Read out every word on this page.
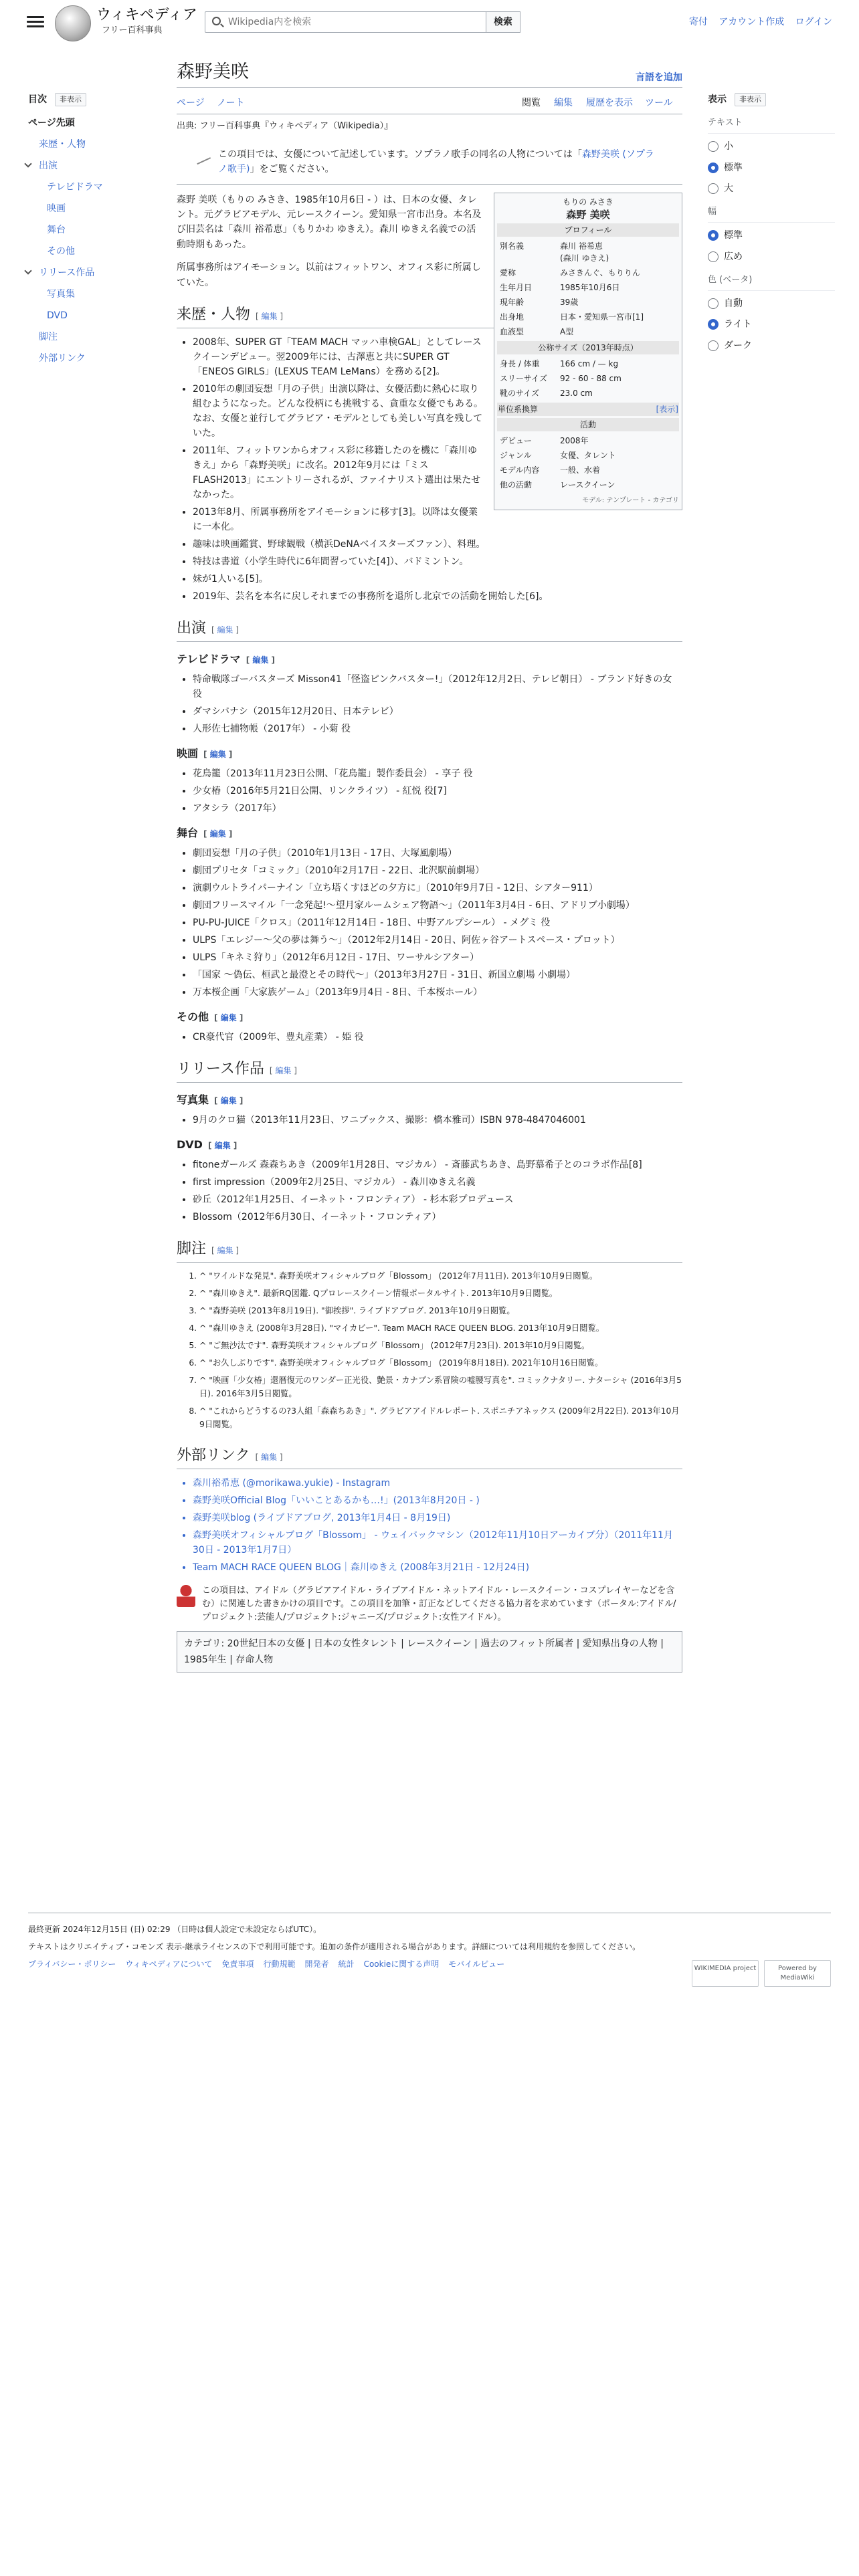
ウィキペディア
フリー百科事典
Wikipedia内を検索
検索	寄付 アカウント作成 ログイン
目次	非表示
ページ先頭
来歴・人物
出演
テレビドラマ
映画
舞台
その他
リリース作品
写真集
DVD
脚注
外部リンク
表示	非表示
テキスト
小
標準
大
幅
標準
広め
色 (ベータ)
自動
ライト
ダーク
森野美咲	言語を追加
ページ ノート	閲覧 編集 履歴を表示 ツール
出典: フリー百科事典『ウィキペディア（Wikipedia）』
この項目では、女優について記述しています。ソプラノ歌手の同名の人物については「森野美咲 (ソプラノ歌手)」をご覧ください。
もりの みさき
森野 美咲
プロフィール
別名義	森川 裕希恵
(森川 ゆきえ)
愛称	みさきんぐ、もりりん
生年月日	1985年10月6日
現年齢	39歳
出身地	日本・愛知県一宮市[1]
血液型	A型
公称サイズ（2013年時点）
身長 / 体重	166 cm / — kg
スリーサイズ	92 - 60 - 88 cm
靴のサイズ	23.0 cm
単位系換算	[表示]
活動
デビュー	2008年
ジャンル	女優、タレント
モデル内容	一般、水着
他の活動	レースクイーン
モデル: テンプレート - カテゴリ

森野 美咲（もりの みさき、1985年10月6日 - ）は、日本の女優、タレント。元グラビアモデル、元レースクイーン。愛知県一宮市出身。本名及び旧芸名は「森川 裕希恵」（もりかわ ゆきえ）。森川 ゆきえ名義での活動時期もあった。

所属事務所はアイモーション。以前はフィットワン、オフィス彩に所属していた。

来歴・人物 [ 編集 ]
• 2008年、SUPER GT「TEAM MACH マッハ車検GAL」としてレースクイーンデビュー。翌2009年には、古澤恵と共にSUPER GT「ENEOS GIRLS」(LEXUS TEAM LeMans）を務める[2]。
• 2010年の劇団妄想「月の子供」出演以降は、女優活動に熱心に取り組むようになった。どんな役柄にも挑戦する、貪重な女優でもある。なお、女優と並行してグラビア・モデルとしても美しい写真を残していた。
• 2011年、フィットワンからオフィス彩に移籍したのを機に「森川ゆきえ」から「森野美咲」に改名。2012年9月には「ミスFLASH2013」にエントリーされるが、ファイナリスト選出は果たせなかった。
• 2013年8月、所属事務所をアイモーションに移す[3]。以降は女優業に一本化。
• 趣味は映画鑑賞、野球観戦（横浜DeNAベイスターズファン）、料理。
• 特技は書道（小学生時代に6年間習っていた[4]）、バドミントン。
• 妹が1人いる[5]。
• 2019年、芸名を本名に戻しそれまでの事務所を退所し北京での活動を開始した[6]。
出演 [ 編集 ]
テレビドラマ [ 編集 ]
• 特命戦隊ゴーバスターズ Misson41「怪盗ピンクバスター!」（2012年12月2日、テレビ朝日） - ブランド好きの女 役
• ダマシバナシ（2015年12月20日、日本テレビ）
• 人形佐七捕物帳（2017年） - 小菊 役
映画 [ 編集 ]
• 花鳥籠（2013年11月23日公開、「花鳥籠」製作委員会） - 享子 役
• 少女椿（2016年5月21日公開、リンクライツ） - 紅悦 役[7]
• アタシラ（2017年）
舞台 [ 編集 ]
• 劇団妄想「月の子供」（2010年1月13日 - 17日、大塚風劇場）
• 劇団プリセタ「コミック」（2010年2月17日 - 22日、北沢駅前劇場）
• 演劇ウルトライパーナイン「立ち塔くすほどの夕方に」（2010年9月7日 - 12日、シアター911）
• 劇団フリースマイル「一念発起!〜望月家ルームシェア物語〜」（2011年3月4日 - 6日、アドリブ小劇場）
• PU-PU-JUICE「クロス」（2011年12月14日 - 18日、中野アルプシール） - メグミ 役
• ULPS「エレジー〜父の夢は舞う〜」（2012年2月14日 - 20日、阿佐ヶ谷アートスペース・プロット）
• ULPS「キネミ狩り」（2012年6月12日 - 17日、ワーサルシアター）
• 「国家 〜偽伝、桓武と最澄とその時代〜」（2013年3月27日 - 31日、新国立劇場 小劇場）
• 万本桜企画「大家族ゲーム」（2013年9月4日 - 8日、千本桜ホール）
その他 [ 編集 ]
• CR豪代官（2009年、豊丸産業） - 姫 役
リリース作品 [ 編集 ]
写真集 [ 編集 ]
• 9月のクロ猫（2013年11月23日、ワニブックス、撮影：橋本雅司）ISBN 978-4847046001
DVD [ 編集 ]
• fitoneガールズ 森森ちあき（2009年1月28日、マジカル） - 斎藤武ちあき、島野慕希子とのコラボ作品[8]
• first impression（2009年2月25日、マジカル） - 森川ゆきえ名義
• 砂丘（2012年1月25日、イーネット・フロンティア） - 杉本彩プロデュース
• Blossom（2012年6月30日、イーネット・フロンティア）
脚注 [ 編集 ]
1. ^ "ワイルドな発見". 森野美咲オフィシャルブログ「Blossom」 (2012年7月11日). 2013年10月9日閲覧。
2. ^ "森川ゆきえ". 最新RQ図鑑. Qプロレースクイーン情報ポータルサイト. 2013年10月9日閲覧。
3. ^ "森野美咲 (2013年8月19日). "御挨拶". ライブドアブログ. 2013年10月9日閲覧。
4. ^ "森川ゆきえ (2008年3月28日). "マイカビー". Team MACH RACE QUEEN BLOG. 2013年10月9日閲覧。
5. ^ "ご無沙汰です". 森野美咲オフィシャルブログ「Blossom」 (2012年7月23日). 2013年10月9日閲覧。
6. ^ "お久しぶりです". 森野美咲オフィシャルブログ「Blossom」 (2019年8月18日). 2021年10月16日閲覧。
7. ^ "映画「少女椿」還暦復元のワンダー正光役、艶景・カナブン系冒険の嘘腰写真を". コミックナタリー. ナターシャ (2016年3月5日). 2016年3月5日閲覧。
8. ^ "これからどうするの?3人組「森森ちあき」". グラビアアイドルレポート. スポニチアネックス (2009年2月22日). 2013年10月9日閲覧。
外部リンク [ 編集 ]
• 森川裕希恵 (@morikawa.yukie) - Instagram
• 森野美咲Official Blog「いいことあるかも…!」(2013年8月20日 - )
• 森野美咲blog (ライブドアブログ, 2013年1月4日 - 8月19日)
• 森野美咲オフィシャルブログ「Blossom」 - ウェイバックマシン（2012年11月10日アーカイブ分）（2011年11月30日 - 2013年1月7日）
• Team MACH RACE QUEEN BLOG｜森川ゆきえ (2008年3月21日 - 12月24日)
この項目は、アイドル（グラビアアイドル・ライブアイドル・ネットアイドル・レースクイーン・コスプレイヤーなどを含む）に関連した書きかけの項目です。この項目を加筆・訂正などしてくださる協力者を求めています（ポータル:アイドル/プロジェクト:芸能人/プロジェクト:ジャニーズ/プロジェクト:女性アイドル）。
カテゴリ: 20世紀日本の女優 | 日本の女性タレント | レースクイーン | 過去のフィット所属者 | 愛知県出身の人物 | 1985年生 | 存命人物
最終更新 2024年12月15日 (日) 02:29 （日時は個人設定で未設定ならばUTC）。
テキストはクリエイティブ・コモンズ 表示-継承ライセンスの下で利用可能です。追加の条件が適用される場合があります。詳細については利用規約を参照してください。
プライバシー・ポリシー ウィキペディアについて 免責事項 行動規範 開発者 統計 Cookieに関する声明 モバイルビュー	WIKIMEDIA project	Powered by MediaWiki
